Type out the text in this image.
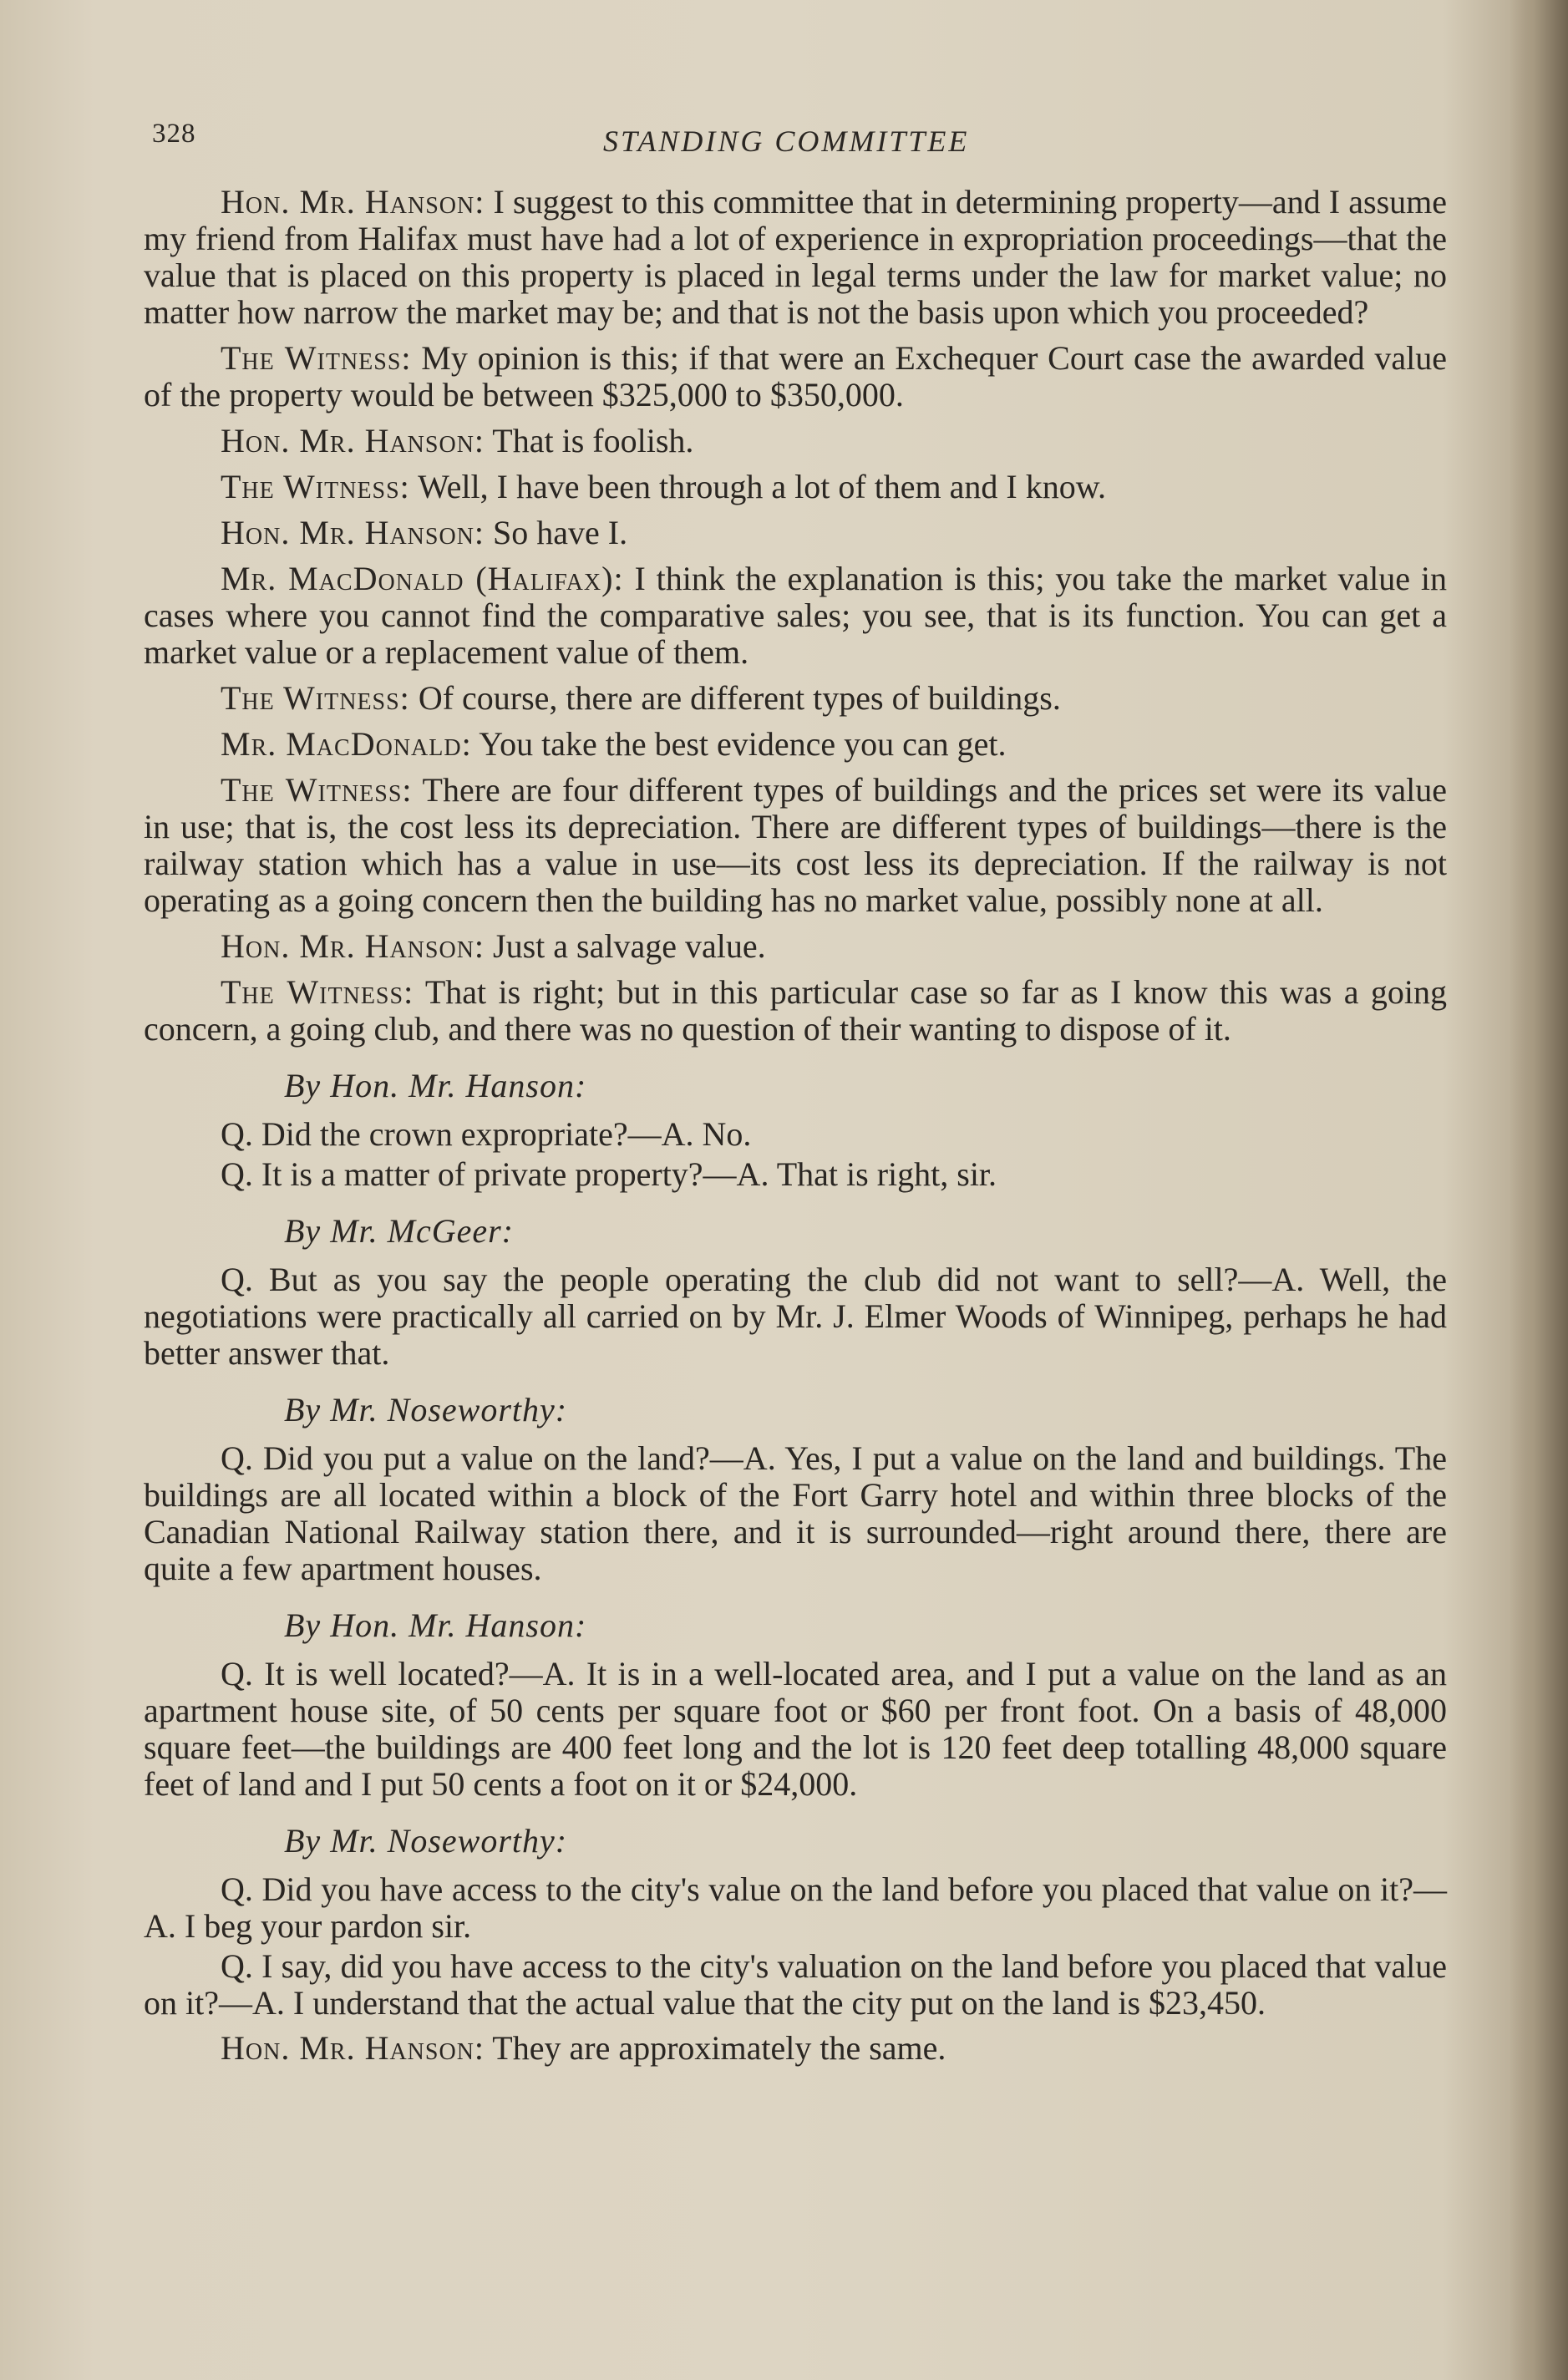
328	STANDING COMMITTEE

Hon. Mr. Hanson: I suggest to this committee that in determining property—and I assume my friend from Halifax must have had a lot of experience in expropriation proceedings—that the value that is placed on this property is placed in legal terms under the law for market value; no matter how narrow the market may be; and that is not the basis upon which you proceeded?

The Witness: My opinion is this; if that were an Exchequer Court case the awarded value of the property would be between $325,000 to $350,000.

Hon. Mr. Hanson: That is foolish.

The Witness: Well, I have been through a lot of them and I know.

Hon. Mr. Hanson: So have I.

Mr. MacDonald (Halifax): I think the explanation is this; you take the market value in cases where you cannot find the comparative sales; you see, that is its function. You can get a market value or a replacement value of them.

The Witness: Of course, there are different types of buildings.

Mr. MacDonald: You take the best evidence you can get.

The Witness: There are four different types of buildings and the prices set were its value in use; that is, the cost less its depreciation. There are different types of buildings—there is the railway station which has a value in use—its cost less its depreciation. If the railway is not operating as a going concern then the building has no market value, possibly none at all.

Hon. Mr. Hanson: Just a salvage value.

The Witness: That is right; but in this particular case so far as I know this was a going concern, a going club, and there was no question of their wanting to dispose of it.

By Hon. Mr. Hanson:

Q. Did the crown expropriate?—A. No.

Q. It is a matter of private property?—A. That is right, sir.

By Mr. McGeer:

Q. But as you say the people operating the club did not want to sell?—A. Well, the negotiations were practically all carried on by Mr. J. Elmer Woods of Winnipeg, perhaps he had better answer that.

By Mr. Noseworthy:

Q. Did you put a value on the land?—A. Yes, I put a value on the land and buildings. The buildings are all located within a block of the Fort Garry hotel and within three blocks of the Canadian National Railway station there, and it is surrounded—right around there, there are quite a few apartment houses.

By Hon. Mr. Hanson:

Q. It is well located?—A. It is in a well-located area, and I put a value on the land as an apartment house site, of 50 cents per square foot or $60 per front foot. On a basis of 48,000 square feet—the buildings are 400 feet long and the lot is 120 feet deep totalling 48,000 square feet of land and I put 50 cents a foot on it or $24,000.

By Mr. Noseworthy:

Q. Did you have access to the city's value on the land before you placed that value on it?—A. I beg your pardon sir.

Q. I say, did you have access to the city's valuation on the land before you placed that value on it?—A. I understand that the actual value that the city put on the land is $23,450.

Hon. Mr. Hanson: They are approximately the same.
